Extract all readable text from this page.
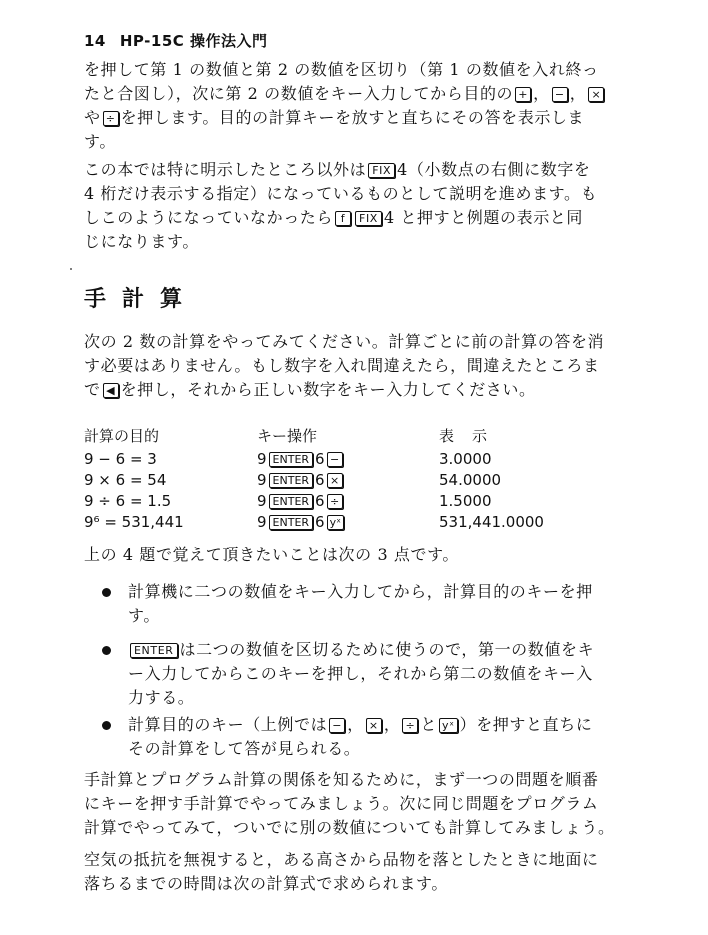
14 HP-15C 操作法入門
を押して第 1 の数値と第 2 の数値を区切り（第 1 の数値を入れ終っ
たと合図し），次に第 2 の数値をキー入力してから目的の + ， − ， ×
や ÷ を押します。目的の計算キーを放すと直ちにその答を表示しま
す。
この本では特に明示したところ以外は FIX 4（小数点の右側に数字を
4 桁だけ表示する指定）になっているものとして説明を進めます。も
しこのようになっていなかったら f FIX 4 と押すと例題の表示と同
じになります。
手計算
次の 2 数の計算をやってみてください。計算ごとに前の計算の答を消
す必要はありません。もし数字を入れ間違えたら，間違えたところま
で ◀ を押し，それから正しい数字をキー入力してください。
計算の目的	キー操作	表示
9 − 6 = 3	9 ENTER 6 −	3.0000
9 × 6 = 54	9 ENTER 6 ×	54.0000
9 ÷ 6 = 1.5	9 ENTER 6 ÷	1.5000
9⁶ = 531,441	9 ENTER 6 yˣ	531,441.0000
上の 4 題で覚えて頂きたいことは次の 3 点です。
計算機に二つの数値をキー入力してから，計算目的のキーを押
す。
ENTER は二つの数値を区切るために使うので，第一の数値をキ
ー入力してからこのキーを押し，それから第二の数値をキー入
力する。
計算目的のキー（上例では − ， × ， ÷ と yˣ ）を押すと直ちに
その計算をして答が見られる。
手計算とプログラム計算の関係を知るために，まず一つの問題を順番
にキーを押す手計算でやってみましょう。次に同じ問題をプログラム
計算でやってみて，ついでに別の数値についても計算してみましょう。
空気の抵抗を無視すると，ある高さから品物を落としたときに地面に
落ちるまでの時間は次の計算式で求められます。
